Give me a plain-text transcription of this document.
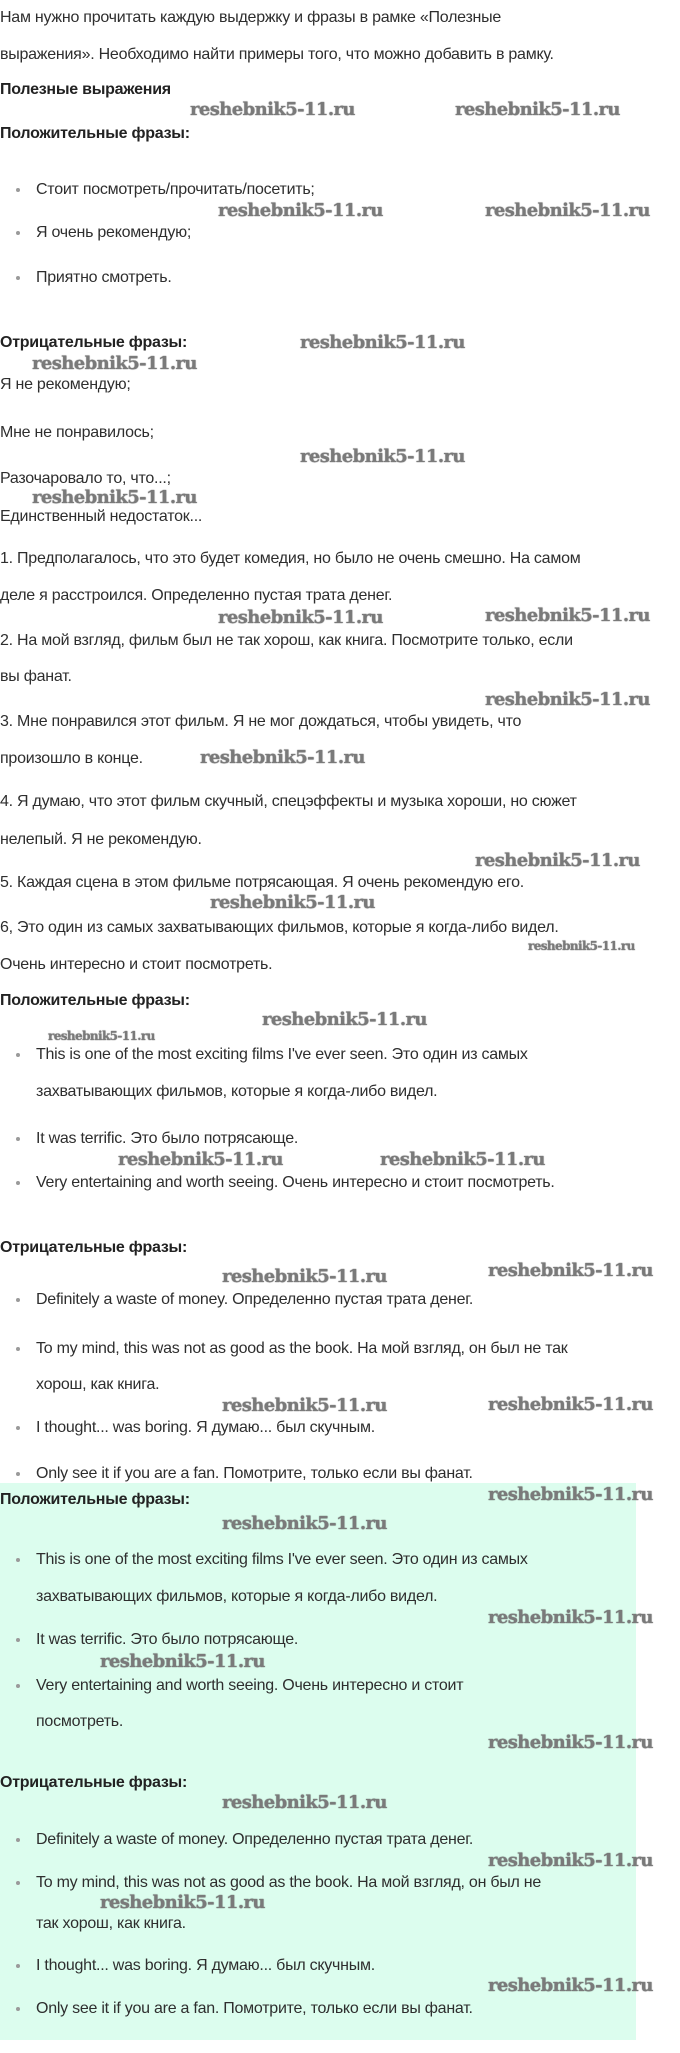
Нам нужно прочитать каждую выдержку и фразы в рамке «Полезные
выражения». Необходимо найти примеры того, что можно добавить в рамку.
Полезные выражения
Положительные фразы:
Стоит посмотреть/прочитать/посетить;
Я очень рекомендую;
Приятно смотреть.
Отрицательные фразы:
Я не рекомендую;
Мне не понравилось;
Разочаровало то, что...;
Единственный недостаток...
1. Предполагалось, что это будет комедия, но было не очень смешно. На самом
деле я расстроился. Определенно пустая трата денег.
2. На мой взгляд, фильм был не так хорош, как книга. Посмотрите только, если
вы фанат.
3. Мне понравился этот фильм. Я не мог дождаться, чтобы увидеть, что
произошло в конце.
4. Я думаю, что этот фильм скучный, спецэффекты и музыка хороши, но сюжет
нелепый. Я не рекомендую.
5. Каждая сцена в этом фильме потрясающая. Я очень рекомендую его.
6, Это один из самых захватывающих фильмов, которые я когда-либо видел.
Очень интересно и стоит посмотреть.
Положительные фразы:
This is one of the most exciting films I've ever seen. Это один из самых
захватывающих фильмов, которые я когда-либо видел.
It was terrific. Это было потрясающе.
Very entertaining and worth seeing. Очень интересно и стоит посмотреть.
Отрицательные фразы:
Definitely a waste of money. Определенно пустая трата денег.
To my mind, this was not as good as the book. На мой взгляд, он был не так
хорош, как книга.
I thought... was boring. Я думаю... был скучным.
Only see it if you are a fan. Помотрите, только если вы фанат.
Положительные фразы:
This is one of the most exciting films I've ever seen. Это один из самых
захватывающих фильмов, которые я когда-либо видел.
It was terrific. Это было потрясающе.
Very entertaining and worth seeing. Очень интересно и стоит
посмотреть.
Отрицательные фразы:
Definitely a waste of money. Определенно пустая трата денег.
To my mind, this was not as good as the book. На мой взгляд, он был не
так хорош, как книга.
I thought... was boring. Я думаю... был скучным.
Only see it if you are a fan. Помотрите, только если вы фанат.
reshebnik5-11.ru	reshebnik5-11.ru
reshebnik5-11.ru	reshebnik5-11.ru
reshebnik5-11.ru
reshebnik5-11.ru
reshebnik5-11.ru
reshebnik5-11.ru
reshebnik5-11.ru
reshebnik5-11.ru
reshebnik5-11.ru
reshebnik5-11.ru
reshebnik5-11.ru
reshebnik5-11.ru
reshebnik5-11.ru
reshebnik5-11.ru
reshebnik5-11.ru
reshebnik5-11.ru
reshebnik5-11.ru
reshebnik5-11.ru
reshebnik5-11.ru
reshebnik5-11.ru
reshebnik5-11.ru
reshebnik5-11.ru
reshebnik5-11.ru
reshebnik5-11.ru
reshebnik5-11.ru
reshebnik5-11.ru
reshebnik5-11.ru
reshebnik5-11.ru
reshebnik5-11.ru
reshebnik5-11.ru
